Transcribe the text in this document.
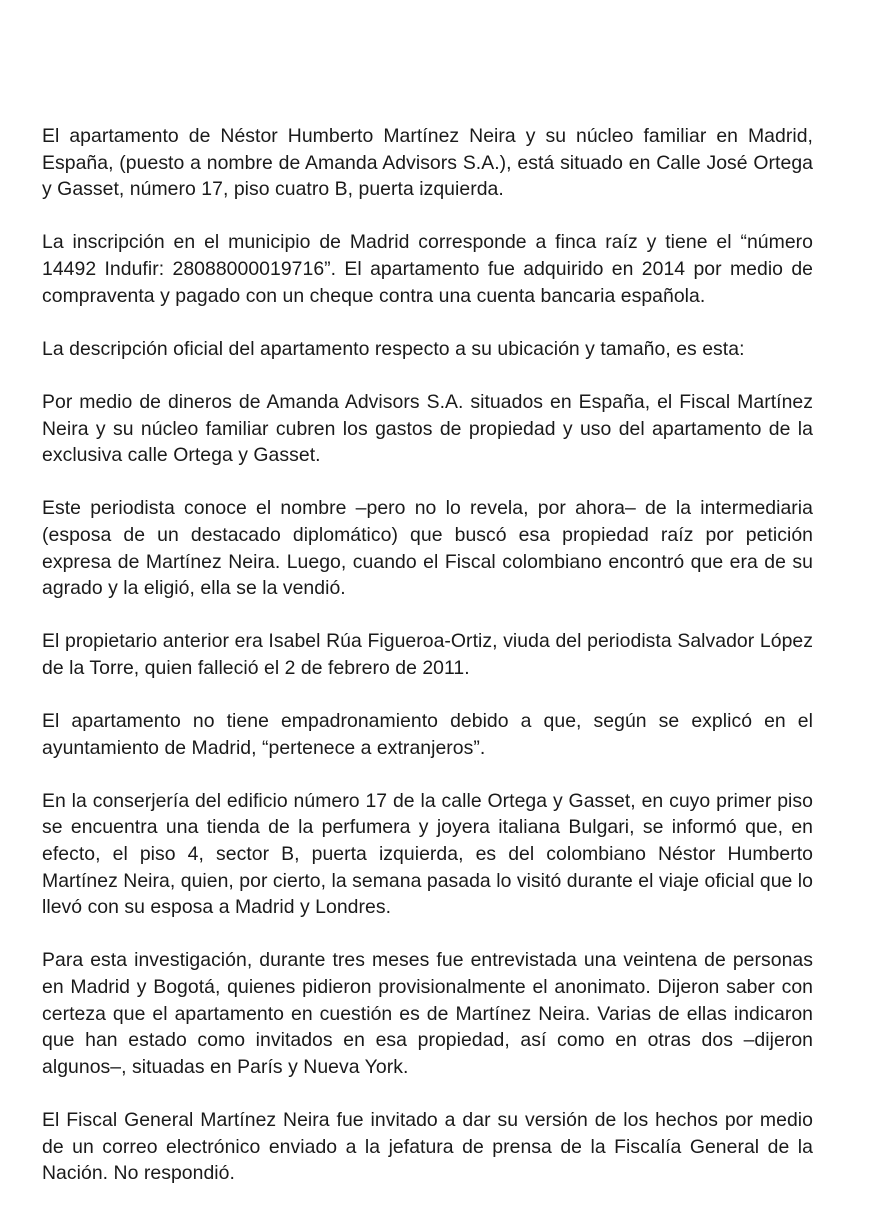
El apartamento de Néstor Humberto Martínez Neira y su núcleo familiar en Madrid, España, (puesto a nombre de Amanda Advisors S.A.), está situado en Calle José Ortega y Gasset, número 17, piso cuatro B, puerta izquierda.

La inscripción en el municipio de Madrid corresponde a finca raíz y tiene el “número 14492 Indufir: 28088000019716”. El apartamento fue adquirido en 2014 por medio de compraventa y pagado con un cheque contra una cuenta bancaria española.

La descripción oficial del apartamento respecto a su ubicación y tamaño, es esta:

Por medio de dineros de Amanda Advisors S.A. situados en España, el Fiscal Martínez Neira y su núcleo familiar cubren los gastos de propiedad y uso del apartamento de la exclusiva calle Ortega y Gasset.

Este periodista conoce el nombre –pero no lo revela, por ahora– de la intermediaria (esposa de un destacado diplomático) que buscó esa propiedad raíz por petición expresa de Martínez Neira. Luego, cuando el Fiscal colombiano encontró que era de su agrado y la eligió, ella se la vendió.

El propietario anterior era Isabel Rúa Figueroa-Ortiz, viuda del periodista Salvador López de la Torre, quien falleció el 2 de febrero de 2011.

El apartamento no tiene empadronamiento debido a que, según se explicó en el ayuntamiento de Madrid, “pertenece a extranjeros”.

En la conserjería del edificio número 17 de la calle Ortega y Gasset, en cuyo primer piso se encuentra una tienda de la perfumera y joyera italiana Bulgari, se informó que, en efecto, el piso 4, sector B, puerta izquierda, es del colombiano Néstor Humberto Martínez Neira, quien, por cierto, la semana pasada lo visitó durante el viaje oficial que lo llevó con su esposa a Madrid y Londres.

Para esta investigación, durante tres meses fue entrevistada una veintena de personas en Madrid y Bogotá, quienes pidieron provisionalmente el anonimato. Dijeron saber con certeza que el apartamento en cuestión es de Martínez Neira. Varias de ellas indicaron que han estado como invitados en esa propiedad, así como en otras dos –dijeron algunos–, situadas en París y Nueva York.

El Fiscal General Martínez Neira fue invitado a dar su versión de los hechos por medio de un correo electrónico enviado a la jefatura de prensa de la Fiscalía General de la Nación. No respondió.
